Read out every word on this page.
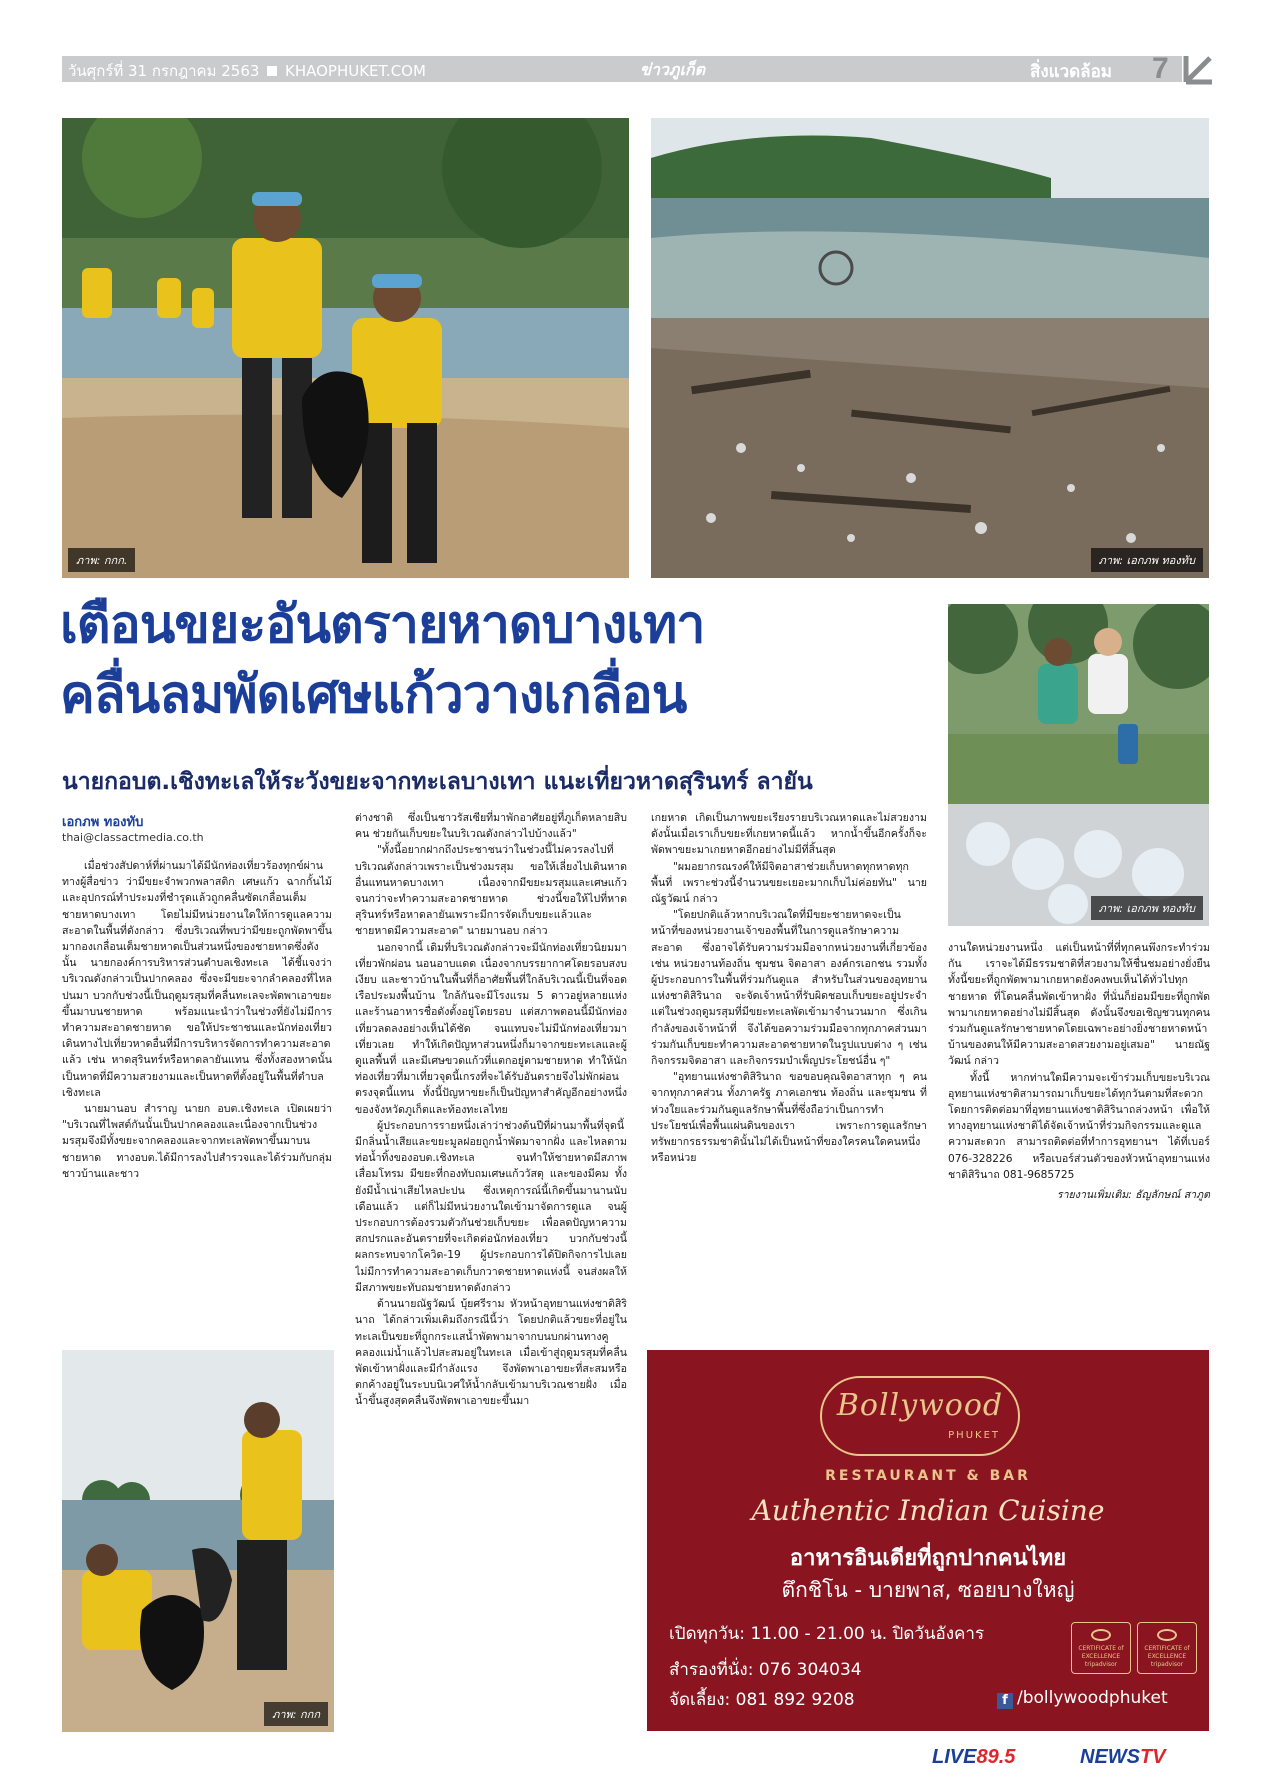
วันศุกร์ที่ 31 กรกฎาคม 2563 KHAOPHUKET.COM	ข่าวภูเก็ต	สิ่งแวดล้อม 7
ภาพ: กกก.	ภาพ: เอกภพ ทองทับ
เตือนขยะอันตรายหาดบางเทา
คลื่นลมพัดเศษแก้ววางเกลื่อน
นายกอบต.เชิงทะเลให้ระวังขยะจากทะเลบางเทา แนะเที่ยวหาดสุรินทร์ ลายัน
ภาพ: เอกภพ ทองทับ
เอกภพ ทองทับ
thai@classactmedia.co.th

เมื่อช่วงสัปดาห์ที่ผ่านมาได้มีนักท่องเที่ยวร้องทุกข์ผ่านทางผู้สื่อข่าว ว่ามีขยะจำพวกพลาสติก เศษแก้ว ฉากกั้นไม้ และอุปกรณ์ทำประมงที่ชำรุดแล้วถูกคลื่นซัดเกลื่อนเต็มชายหาดบางเทา โดยไม่มีหน่วยงานใดให้การดูแลความสะอาดในพื้นที่ดังกล่าว ซึ่งบริเวณที่พบว่ามีขยะถูกพัดพาขึ้นมากองเกลื่อนเต็มชายหาดเป็นส่วนหนึ่งของชายหาดซึ่งดังนั้น นายกองค์การบริหารส่วนตำบลเชิงทะเล ได้ชี้แจงว่าบริเวณดังกล่าวเป็นปากคลอง ซึ่งจะมีขยะจากลำคลองที่ไหลปนมา บวกกับช่วงนี้เป็นฤดูมรสุมที่คลื่นทะเลจะพัดพาเอาขยะขึ้นมาบนชายหาด พร้อมแนะนำว่าในช่วงที่ยังไม่มีการทำความสะอาดชายหาด ขอให้ประชาชนและนักท่องเที่ยวเดินทางไปเที่ยวหาดอื่นที่มีการบริหารจัดการทำความสะอาดแล้ว เช่น หาดสุรินทร์หรือหาดลายันแทน ซึ่งทั้งสองหาดนั้นเป็นหาดที่มีความสวยงามและเป็นหาดที่ตั้งอยู่ในพื้นที่ตำบลเชิงทะเล

นายมานอบ สำราญ นายก อบต.เชิงทะเล เปิดเผยว่า "บริเวณที่ไพสต์กันนั้นเป็นปากคลองและเนื่องจากเป็นช่วงมรสุมจึงมีทั้งขยะจากคลองและจากทะเลพัดพาขึ้นมาบนชายหาด ทางอบต.ได้มีการลงไปสำรวจและได้ร่วมกับกลุ่มชาวบ้านและชาว

ต่างชาติ ซึ่งเป็นชาวรัสเซียที่มาพักอาศัยอยู่ที่ภูเก็ตหลายสิบคน ช่วยกันเก็บขยะในบริเวณดังกล่าวไปบ้างแล้ว"

"ทั้งนี้อยากฝากถึงประชาชนว่าในช่วงนี้ไม่ควรลงไปที่บริเวณดังกล่าวเพราะเป็นช่วงมรสุม ขอให้เลี่ยงไปเดินหาดอื่นแทนหาดบางเทา เนื่องจากมีขยะมรสุมและเศษแก้ว จนกว่าจะทำความสะอาดชายหาด ช่วงนี้ขอให้ไปที่หาดสุรินทร์หรือหาดลายันเพราะมีการจัดเก็บขยะแล้วและชายหาดมีความสะอาด" นายมานอบ กล่าว

นอกจากนี้ เดิมที่บริเวณดังกล่าวจะมีนักท่องเที่ยวนิยมมาเที่ยวพักผ่อน นอนอาบแดด เนื่องจากบรรยากาศโดยรอบสงบเงียบ และชาวบ้านในพื้นที่ก็อาศัยพื้นที่ใกล้บริเวณนี้เป็นที่จอดเรือประมงพื้นบ้าน ใกล้กันจะมีโรงแรม 5 ดาวอยู่หลายแห่งและร้านอาหารชื่อดังตั้งอยู่โดยรอบ แต่สภาพตอนนี้มีนักท่องเที่ยวลดลงอย่างเห็นได้ชัด จนแทบจะไม่มีนักท่องเที่ยวมาเที่ยวเลย ทำให้เกิดปัญหาส่วนหนึ่งก็มาจากขยะทะเลและผู้ดูแลพื้นที่ และมีเศษขวดแก้วที่แตกอยู่ตามชายหาด ทำให้นักท่องเที่ยวที่มาเที่ยวจุดนี้เกรงที่จะได้รับอันตรายจึงไม่พักผ่อนตรงจุดนี้แทน ทั้งนี้ปัญหาขยะก็เป็นปัญหาสำคัญอีกอย่างหนึ่งของจังหวัดภูเก็ตและท้องทะเลไทย

ผู้ประกอบการรายหนึ่งเล่าว่าช่วงต้นปีที่ผ่านมาพื้นที่จุดนี้มีกลิ่นน้ำเสียและขยะมูลฝอยถูกน้ำพัดมาจากฝั่ง และไหลตามท่อน้ำทิ้งของอบต.เชิงทะเล จนทำให้ชายหาดมีสภาพเสื่อมโทรม มีขยะที่กองทับถมเศษแก้ววัสดุ และของมีคม ทั้งยังมีน้ำเน่าเสียไหลปะปน ซึ่งเหตุการณ์นี้เกิดขึ้นมานานนับเดือนแล้ว แต่ก็ไม่มีหน่วยงานใดเข้ามาจัดการดูแล จนผู้ประกอบการต้องรวมตัวกันช่วยเก็บขยะ เพื่อลดปัญหาความสกปรกและอันตรายที่จะเกิดต่อนักท่องเที่ยว บวกกับช่วงนี้ผลกระทบจากโควิด-19 ผู้ประกอบการได้ปิดกิจการไปเลยไม่มีการทำความสะอาดเก็บกวาดชายหาดแห่งนี้ จนส่งผลให้มีสภาพขยะทับถมชายหาดดังกล่าว

ด้านนายณัฐวัฒน์ บุ้ยศรีราม หัวหน้าอุทยานแห่งชาติสิรินาถ ได้กล่าวเพิ่มเติมถึงกรณีนี้ว่า โดยปกติแล้วขยะที่อยู่ในทะเลเป็นขยะที่ถูกกระแสน้ำพัดพามาจากบนบกผ่านทางคูคลองแม่น้ำแล้วไปสะสมอยู่ในทะเล เมื่อเข้าสู่ฤดูมรสุมที่คลื่นพัดเข้าหาฝั่งและมีกำลังแรง จึงพัดพาเอาขยะที่สะสมหรือตกค้างอยู่ในระบบนิเวศให้น้ำกลับเข้ามาบริเวณชายฝั่ง เมื่อน้ำขึ้นสูงสุดคลื่นจึงพัดพาเอาขยะขึ้นมา

เกยหาด เกิดเป็นภาพขยะเรียงรายบริเวณหาดและไม่สวยงาม ดังนั้นเมื่อเราเก็บขยะที่เกยหาดนี้แล้ว หากน้ำขึ้นอีกครั้งก็จะพัดพาขยะมาเกยหาดอีกอย่างไม่มีที่สิ้นสุด

"ผมอยากรณรงค์ให้มีจิตอาสาช่วยเก็บหาดทุกหาดทุกพื้นที่ เพราะช่วงนี้จำนวนขยะเยอะมากเก็บไม่ค่อยทัน" นายณัฐวัฒน์ กล่าว

"โดยปกติแล้วหากบริเวณใดที่มีขยะชายหาดจะเป็นหน้าที่ของหน่วยงานเจ้าของพื้นที่ในการดูแลรักษาความสะอาด ซึ่งอาจได้รับความร่วมมือจากหน่วยงานที่เกี่ยวข้อง เช่น หน่วยงานท้องถิ่น ชุมชน จิตอาสา องค์กรเอกชน รวมทั้งผู้ประกอบการในพื้นที่ร่วมกันดูแล สำหรับในส่วนของอุทยานแห่งชาติสิรินาถ จะจัดเจ้าหน้าที่รับผิดชอบเก็บขยะอยู่ประจำ แต่ในช่วงฤดูมรสุมที่มีขยะทะเลพัดเข้ามาจำนวนมาก ซึ่งเกินกำลังของเจ้าหน้าที่ จึงได้ขอความร่วมมือจากทุกภาคส่วนมาร่วมกันเก็บขยะทำความสะอาดชายหาดในรูปแบบต่าง ๆ เช่น กิจกรรมจิตอาสา และกิจกรรมบำเพ็ญประโยชน์อื่น ๆ"

"อุทยานแห่งชาติสิรินาถ ขอขอบคุณจิตอาสาทุก ๆ คน จากทุกภาคส่วน ทั้งภาครัฐ ภาคเอกชน ท้องถิ่น และชุมชน ที่ห่วงใยและร่วมกันดูแลรักษาพื้นที่ซึ่งถือว่าเป็นการทำประโยชน์เพื่อพื้นแผ่นดินของเรา เพราะการดูแลรักษาทรัพยากรธรรมชาตินั้นไม่ได้เป็นหน้าที่ของใครคนใดคนหนึ่ง หรือหน่วย

งานใดหน่วยงานหนึ่ง แต่เป็นหน้าที่ที่ทุกคนพึงกระทำร่วมกัน เราจะได้มีธรรมชาติที่สวยงามให้ชื่นชมอย่างยั่งยืน ทั้งนี้ขยะที่ถูกพัดพามาเกยหาดยังคงพบเห็นได้ทั่วไปทุกชายหาด ที่โดนคลื่นพัดเข้าหาฝั่ง ที่นั่นก็ย่อมมีขยะที่ถูกพัดพามาเกยหาดอย่างไม่มีสิ้นสุด ดังนั้นจึงขอเชิญชวนทุกคนร่วมกันดูแลรักษาชายหาดโดยเฉพาะอย่างยิ่งชายหาดหน้าบ้านของตนให้มีความสะอาดสวยงามอยู่เสมอ" นายณัฐวัฒน์ กล่าว

ทั้งนี้ หากท่านใดมีความจะเข้าร่วมเก็บขยะบริเวณอุทยานแห่งชาติสามารถมาเก็บขยะได้ทุกวันตามที่สะดวก โดยการติดต่อมาที่อุทยานแห่งชาติสิรินาถล่วงหน้า เพื่อให้ทางอุทยานแห่งชาติได้จัดเจ้าหน้าที่ร่วมกิจกรรมและดูแลความสะดวก สามารถติดต่อที่ทำการอุทยานฯ ได้ที่เบอร์ 076-328226 หรือเบอร์ส่วนตัวของหัวหน้าอุทยานแห่งชาติสิรินาถ 081-9685725

รายงานเพิ่มเติม: ธัญลักษณ์ สาภูต

ภาพ: กกก
Bollywood
PHUKET
RESTAURANT & BAR
Authentic Indian Cuisine
อาหารอินเดียที่ถูกปากคนไทย
ตึกชิโน - บายพาส, ซอยบางใหญ่
เปิดทุกวัน: 11.00 - 21.00 น. ปิดวันอังคาร
สำรองที่นั่ง: 076 304034
จัดเลี้ยง: 081 892 9208	f /bollywoodphuket
CERTIFICATE of EXCELLENCE tripadvisor
CERTIFICATE of EXCELLENCE tripadvisor
LIVE89.5	NEWSTV
